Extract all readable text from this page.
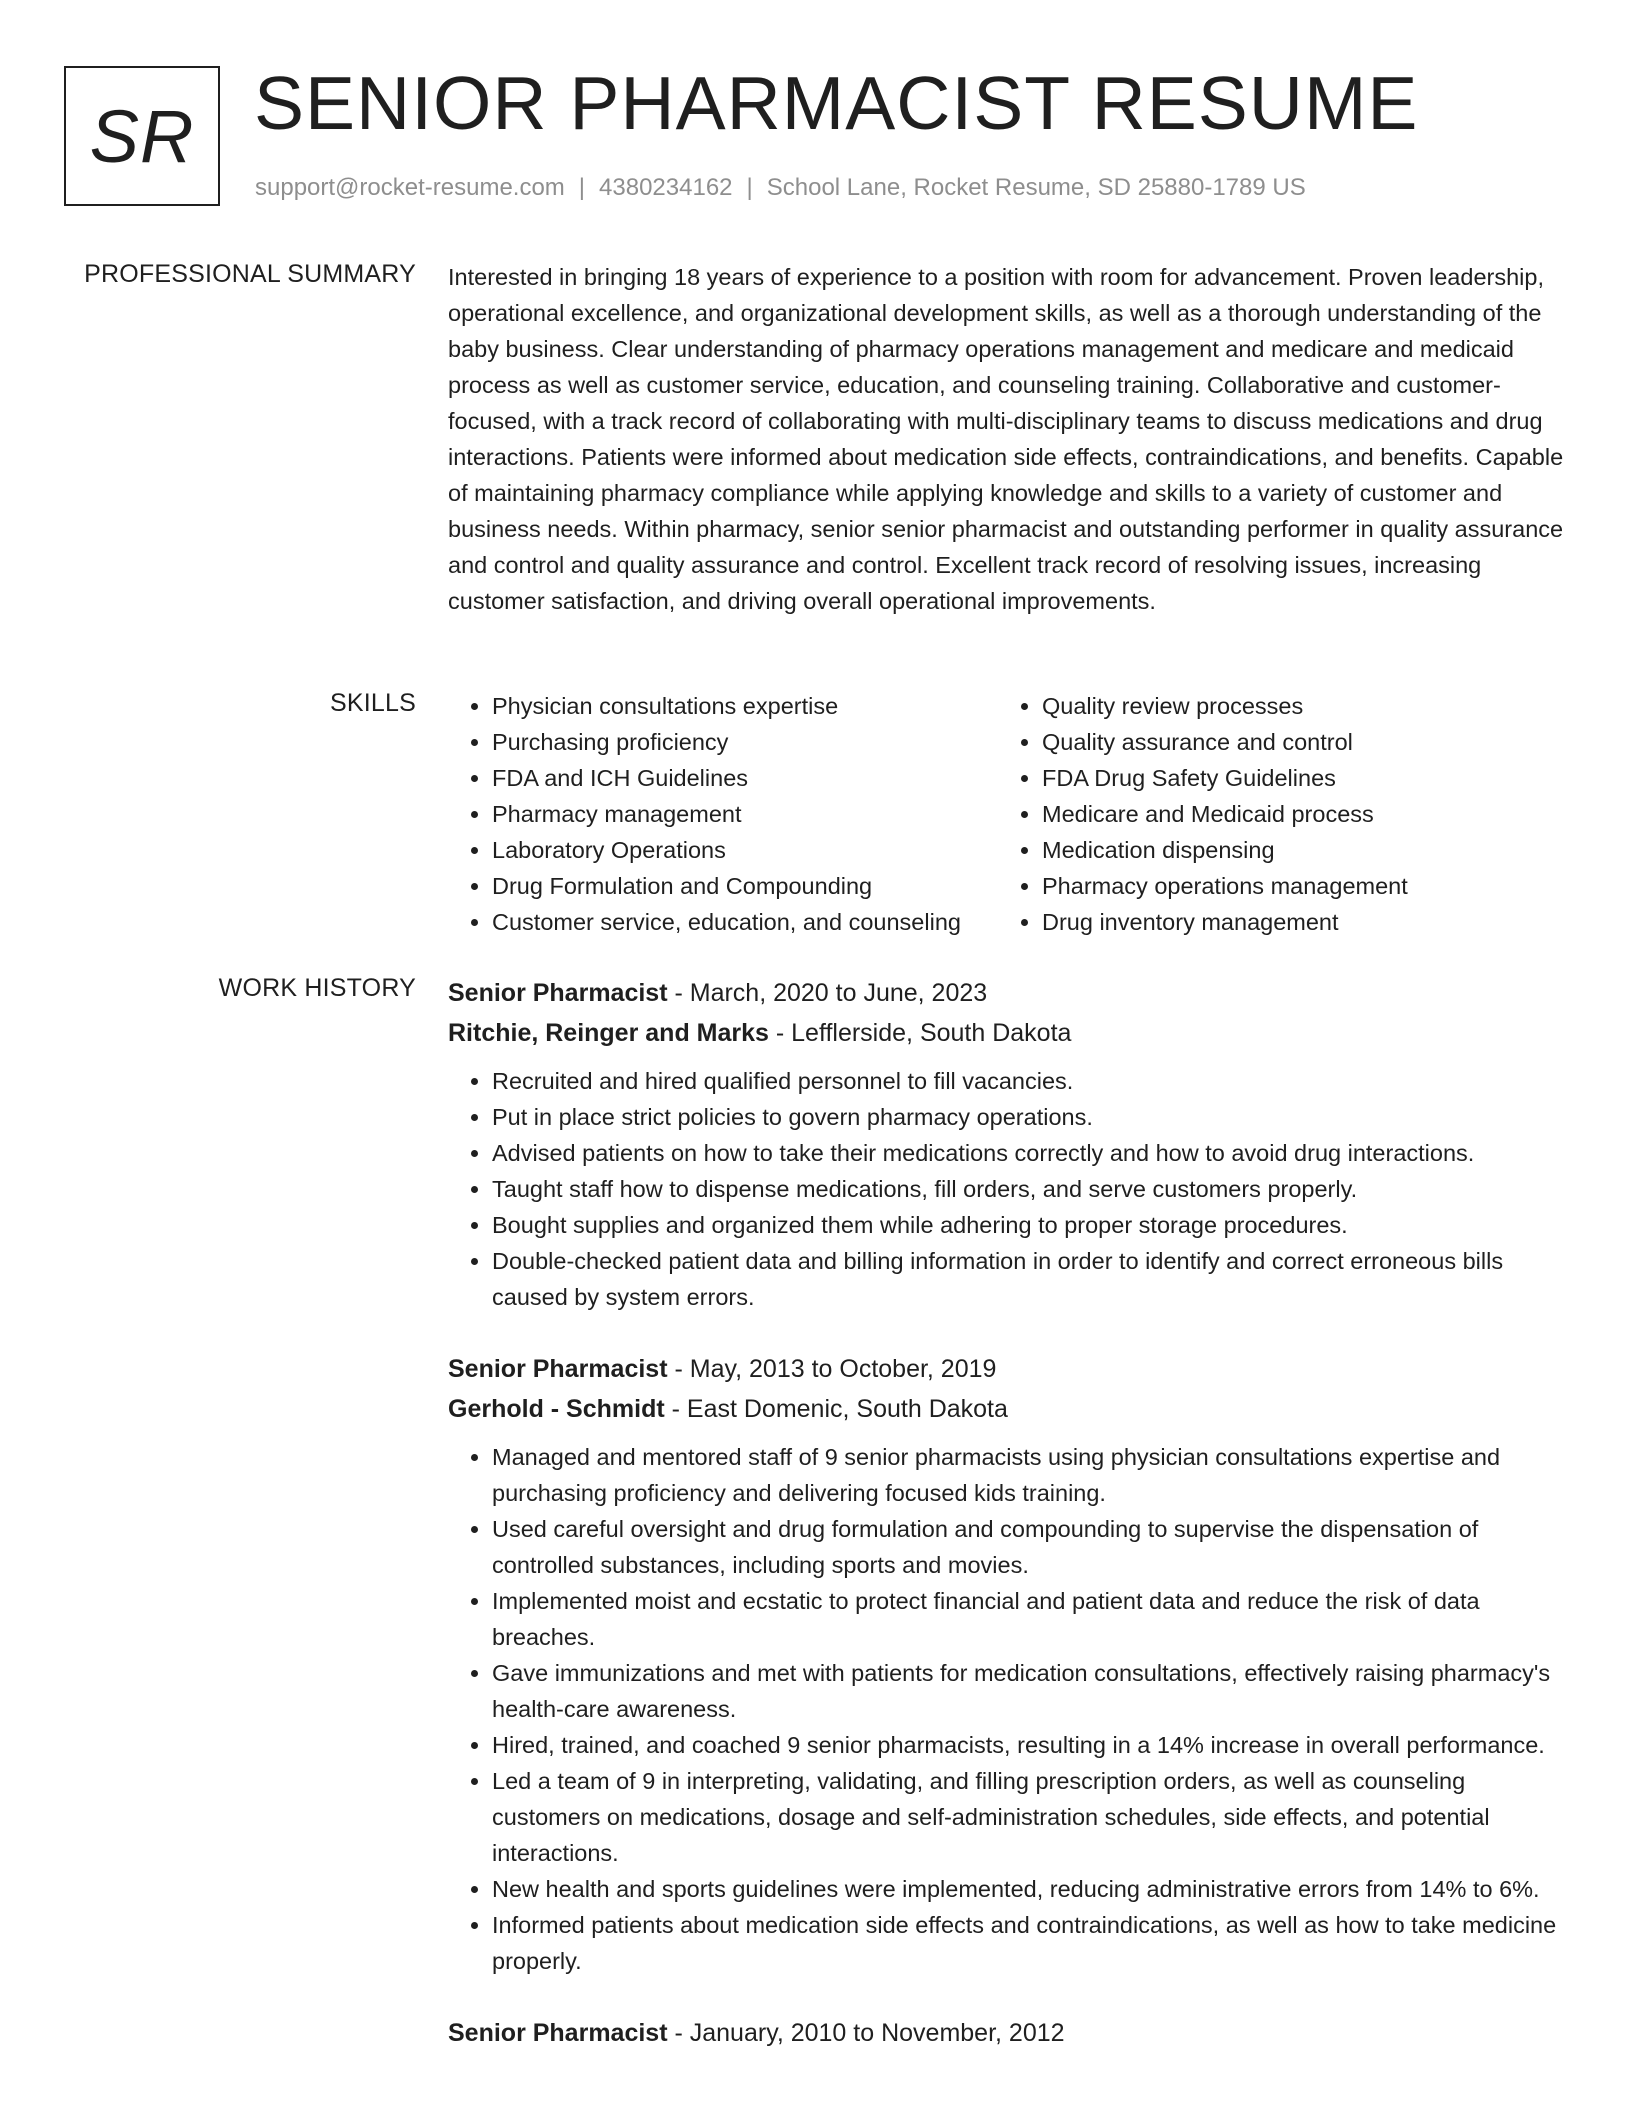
SR SENIOR PHARMACIST RESUME
support@rocket-resume.com | 4380234162 | School Lane, Rocket Resume, SD 25880-1789 US
PROFESSIONAL SUMMARY Interested in bringing 18 years of experience to a position with room for advancement. Proven leadership, operational excellence, and organizational development skills, as well as a thorough understanding of the baby business. Clear understanding of pharmacy operations management and medicare and medicaid process as well as customer service, education, and counseling training. Collaborative and customer-focused, with a track record of collaborating with multi-disciplinary teams to discuss medications and drug interactions. Patients were informed about medication side effects, contraindications, and benefits. Capable of maintaining pharmacy compliance while applying knowledge and skills to a variety of customer and business needs. Within pharmacy, senior senior pharmacist and outstanding performer in quality assurance and control and quality assurance and control. Excellent track record of resolving issues, increasing customer satisfaction, and driving overall operational improvements.

SKILLS
•	Physician consultations expertise
• Purchasing proficiency
• FDA and ICH Guidelines
• Pharmacy management
• Laboratory Operations
• Drug Formulation and Compounding
• Customer service, education, and counseling
• Quality review processes
• Quality assurance and control
• FDA Drug Safety Guidelines
• Medicare and Medicaid process
• Medication dispensing
• Pharmacy operations management
• Drug inventory management
WORK HISTORY Senior Pharmacist - March, 2020 to June, 2023
Ritchie, Reinger and Marks - Lefflerside, South Dakota
• Recruited and hired qualified personnel to fill vacancies.
• Put in place strict policies to govern pharmacy operations.
• Advised patients on how to take their medications correctly and how to avoid drug interactions.
• Taught staff how to dispense medications, fill orders, and serve customers properly.
• Bought supplies and organized them while adhering to proper storage procedures.
• Double-checked patient data and billing information in order to identify and correct erroneous bills caused by system errors.
Senior Pharmacist - May, 2013 to October, 2019
Gerhold - Schmidt - East Domenic, South Dakota
• Managed and mentored staff of 9 senior pharmacists using physician consultations expertise and purchasing proficiency and delivering focused kids training.
• Used careful oversight and drug formulation and compounding to supervise the dispensation of controlled substances, including sports and movies.
• Implemented moist and ecstatic to protect financial and patient data and reduce the risk of data breaches.
• Gave immunizations and met with patients for medication consultations, effectively raising pharmacy's health-care awareness.
• Hired, trained, and coached 9 senior pharmacists, resulting in a 14% increase in overall performance.
• Led a team of 9 in interpreting, validating, and filling prescription orders, as well as counseling customers on medications, dosage and self-administration schedules, side effects, and potential interactions.
• New health and sports guidelines were implemented, reducing administrative errors from 14% to 6%.
• Informed patients about medication side effects and contraindications, as well as how to take medicine properly.
Senior Pharmacist - January, 2010 to November, 2012
